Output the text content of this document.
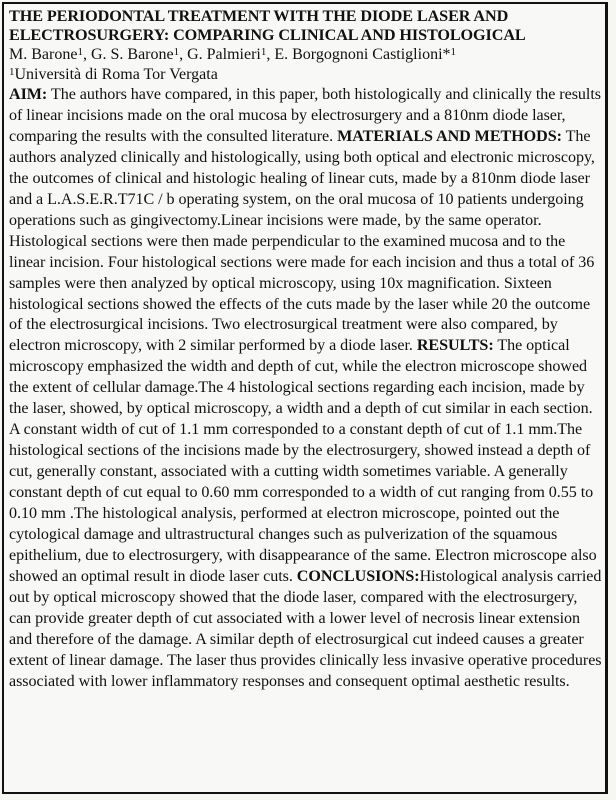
THE PERIODONTAL TREATMENT WITH THE DIODE LASER AND
ELECTROSURGERY: COMPARING CLINICAL AND HISTOLOGICAL

M. Barone$^1$, G. S. Barone$^1$, G. Palmieri$^1$, E. Borgognoni Castiglioni*$^1$

$^1$Università di Roma Tor Vergata

AIM: The authors have compared, in this paper, both histologically and clinically the results of linear incisions made on the oral mucosa by electrosurgery and a 810nm diode laser, comparing the results with the consulted literature. MATERIALS AND METHODS: The authors analyzed clinically and histologically, using both optical and electronic microscopy, the outcomes of clinical and histologic healing of linear cuts, made by a 810nm diode laser and a L.A.S.E.R.T71C / b operating system, on the oral mucosa of 10 patients undergoing operations such as gingivectomy.Linear incisions were made, by the same operator. Histological sections were then made perpendicular to the examined mucosa and to the linear incision. Four histological sections were made for each incision and thus a total of 36 samples were then analyzed by optical microscopy, using 10x magnification. Sixteen histological sections showed the effects of the cuts made by the laser while 20 the outcome of the electrosurgical incisions. Two electrosurgical treatment were also compared, by electron microscopy, with 2 similar performed by a diode laser. RESULTS: The optical microscopy emphasized the width and depth of cut, while the electron microscope showed the extent of cellular damage.The 4 histological sections regarding each incision, made by the laser, showed, by optical microscopy, a width and a depth of cut similar in each section. A constant width of cut of 1.1 mm corresponded to a constant depth of cut of 1.1 mm.The histological sections of the incisions made by the electrosurgery, showed instead a depth of cut, generally constant, associated with a cutting width sometimes variable. A generally constant depth of cut equal to 0.60 mm corresponded to a width of cut ranging from 0.55 to 0.10 mm .The histological analysis, performed at electron microscope, pointed out the cytological damage and ultrastructural changes such as pulverization of the squamous epithelium, due to electrosurgery, with disappearance of the same. Electron microscope also showed an optimal result in diode laser cuts. CONCLUSIONS:Histological analysis carried out by optical microscopy showed that the diode laser, compared with the electrosurgery, can provide greater depth of cut associated with a lower level of necrosis linear extension and therefore of the damage. A similar depth of electrosurgical cut indeed causes a greater extent of linear damage. The laser thus provides clinically less invasive operative procedures associated with lower inflammatory responses and consequent optimal aesthetic results.
